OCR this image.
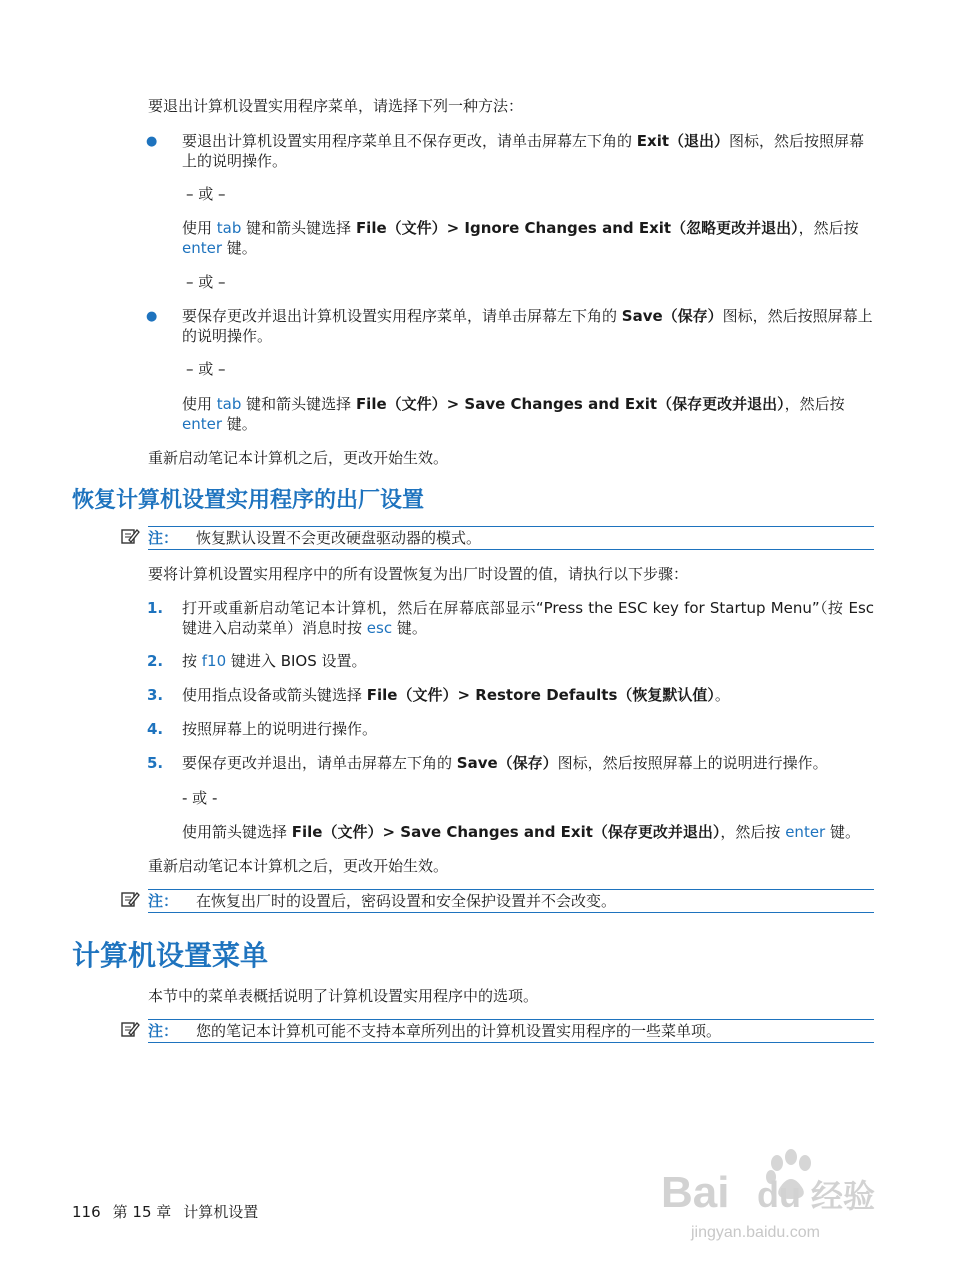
要退出计算机设置实用程序菜单，请选择下列一种方法：
● 要退出计算机设置实用程序菜单且不保存更改，请单击屏幕左下角的 Exit（退出）图标，然后按照屏幕上的说明操作。
– 或 –
使用 tab 键和箭头键选择 File（文件）> Ignore Changes and Exit（忽略更改并退出），然后按 enter 键。
– 或 –
● 要保存更改并退出计算机设置实用程序菜单，请单击屏幕左下角的 Save（保存）图标，然后按照屏幕上的说明操作。
– 或 –
使用 tab 键和箭头键选择 File（文件）> Save Changes and Exit（保存更改并退出），然后按 enter 键。
重新启动笔记本计算机之后，更改开始生效。
恢复计算机设置实用程序的出厂设置
注： 恢复默认设置不会更改硬盘驱动器的模式。
要将计算机设置实用程序中的所有设置恢复为出厂时设置的值，请执行以下步骤：
1. 打开或重新启动笔记本计算机，然后在屏幕底部显示“Press the ESC key for Startup Menu”（按 Esc 键进入启动菜单）消息时按 esc 键。
2. 按 f10 键进入 BIOS 设置。
3. 使用指点设备或箭头键选择 File（文件）> Restore Defaults（恢复默认值）。
4. 按照屏幕上的说明进行操作。
5. 要保存更改并退出，请单击屏幕左下角的 Save（保存）图标，然后按照屏幕上的说明进行操作。
- 或 -
使用箭头键选择 File（文件）> Save Changes and Exit（保存更改并退出），然后按 enter 键。
重新启动笔记本计算机之后，更改开始生效。
注： 在恢复出厂时的设置后，密码设置和安全保护设置并不会改变。
计算机设置菜单
本节中的菜单表概括说明了计算机设置实用程序中的选项。
注： 您的笔记本计算机可能不支持本章所列出的计算机设置实用程序的一些菜单项。
Bai du 经验
jingyan.baidu.com
116 第 15 章 计算机设置
